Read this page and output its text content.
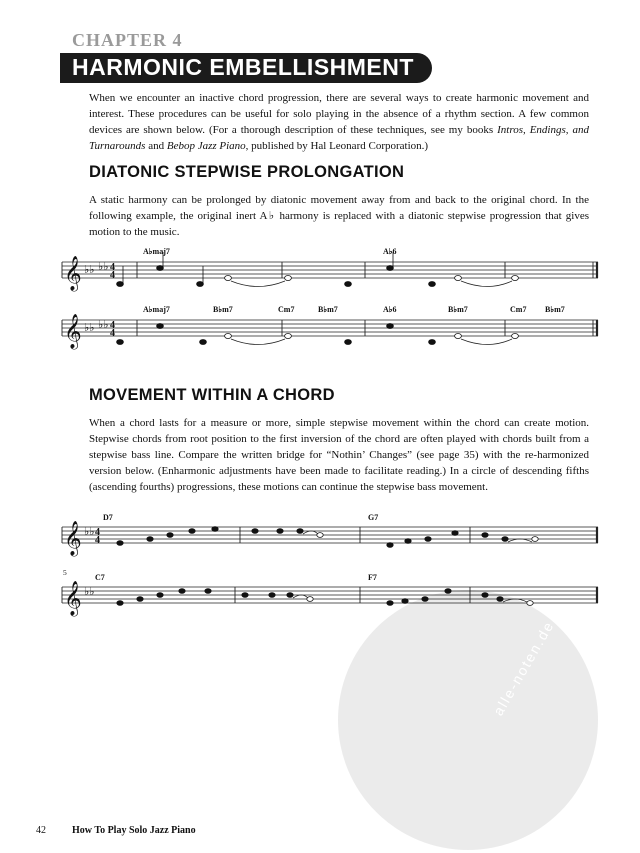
alle-noten.de
CHAPTER 4
HARMONIC EMBELLISHMENT
When we encounter an inactive chord progression, there are several ways to create harmonic movement and interest. These procedures can be useful for solo playing in the absence of a rhythm section. A few common devices are shown below. (For a thorough description of these techniques, see my books Intros, Endings, and Turnarounds and Bebop Jazz Piano, published by Hal Leonard Corporation.)
DIATONIC STEPWISE PROLONGATION
A static harmony can be prolonged by diatonic movement away from and back to the original chord. In the following example, the original inert A♭ harmony is replaced with a diatonic stepwise progression that gives motion to the music.
A♭maj7	A♭6
A♭maj7	B♭m7	Cm7	B♭m7	A♭6	B♭m7	Cm7 B♭m7
MOVEMENT WITHIN A CHORD
When a chord lasts for a measure or more, simple stepwise movement within the chord can create motion. Stepwise chords from root position to the first inversion of the chord are often played with chords built from a stepwise bass line. Compare the written bridge for “Nothin’ Changes” (see page 35) with the re-harmonized version below. (Enharmonic adjustments have been made to facilitate reading.) In a circle of descending fifths (ascending fourths) progressions, these motions can continue the stepwise bass movement.
D7	G7
5
C7	F7
𝄞
𝄞
𝄞
𝄞
♭♭ ♭♭
♭♭ ♭♭
♭♭
♭♭
4
4
4
4
4
4
42	How To Play Solo Jazz Piano
